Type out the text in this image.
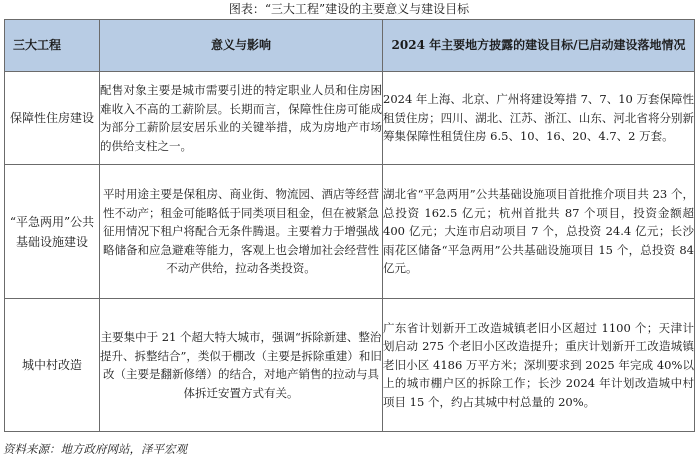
图表：“三大工程”建设的主要意义与建设目标
三大工程	意义与影响	2024 年主要地方披露的建设目标/已启动建设落地情况
保障性住房建设	配售对象主要是城市需要引进的特定职业人员和住房困难收入不高的工薪阶层。长期而言，保障性住房可能成为部分工薪阶层安居乐业的关键举措，成为房地产市场的供给支柱之一。	2024 年上海、北京、广州将建设筹措 7、7、10 万套保障性租赁住房；四川、湖北、江苏、浙江、山东、河北省将分别新筹集保障性租赁住房 6.5、10、16、20、4.7、2 万套。
“平急两用”公共基础设施建设	平时用途主要是保租房、商业街、物流园、酒店等经营性不动产；租金可能略低于同类项目租金，但在被紧急征用情况下租户将配合无条件腾退。主要着力于增强战略储备和应急避难等能力，客观上也会增加社会经营性不动产供给，拉动各类投资。	湖北省“平急两用”公共基础设施项目首批推介项目共 23 个，总投资 162.5 亿元；杭州首批共 87 个项目，投资金额超 400 亿元；大连市启动项目 7 个，总投资 24.4 亿元；长沙雨花区储备“平急两用”公共基础设施项目 15 个，总投资 84 亿元。
城中村改造	主要集中于 21 个超大特大城市，强调“拆除新建、整治提升、拆整结合”，类似于棚改（主要是拆除重建）和旧改（主要是翻新修缮）的结合，对地产销售的拉动与具体拆迁安置方式有关。	广东省计划新开工改造城镇老旧小区超过 1100 个；天津计划启动 275 个老旧小区改造提升；重庆计划新开工改造城镇老旧小区 4186 万平方米；深圳要求到 2025 年完成 40%以上的城市棚户区的拆除工作；长沙 2024 年计划改造城中村项目 15 个，约占其城中村总量的 20%。
资料来源：地方政府网站，泽平宏观
